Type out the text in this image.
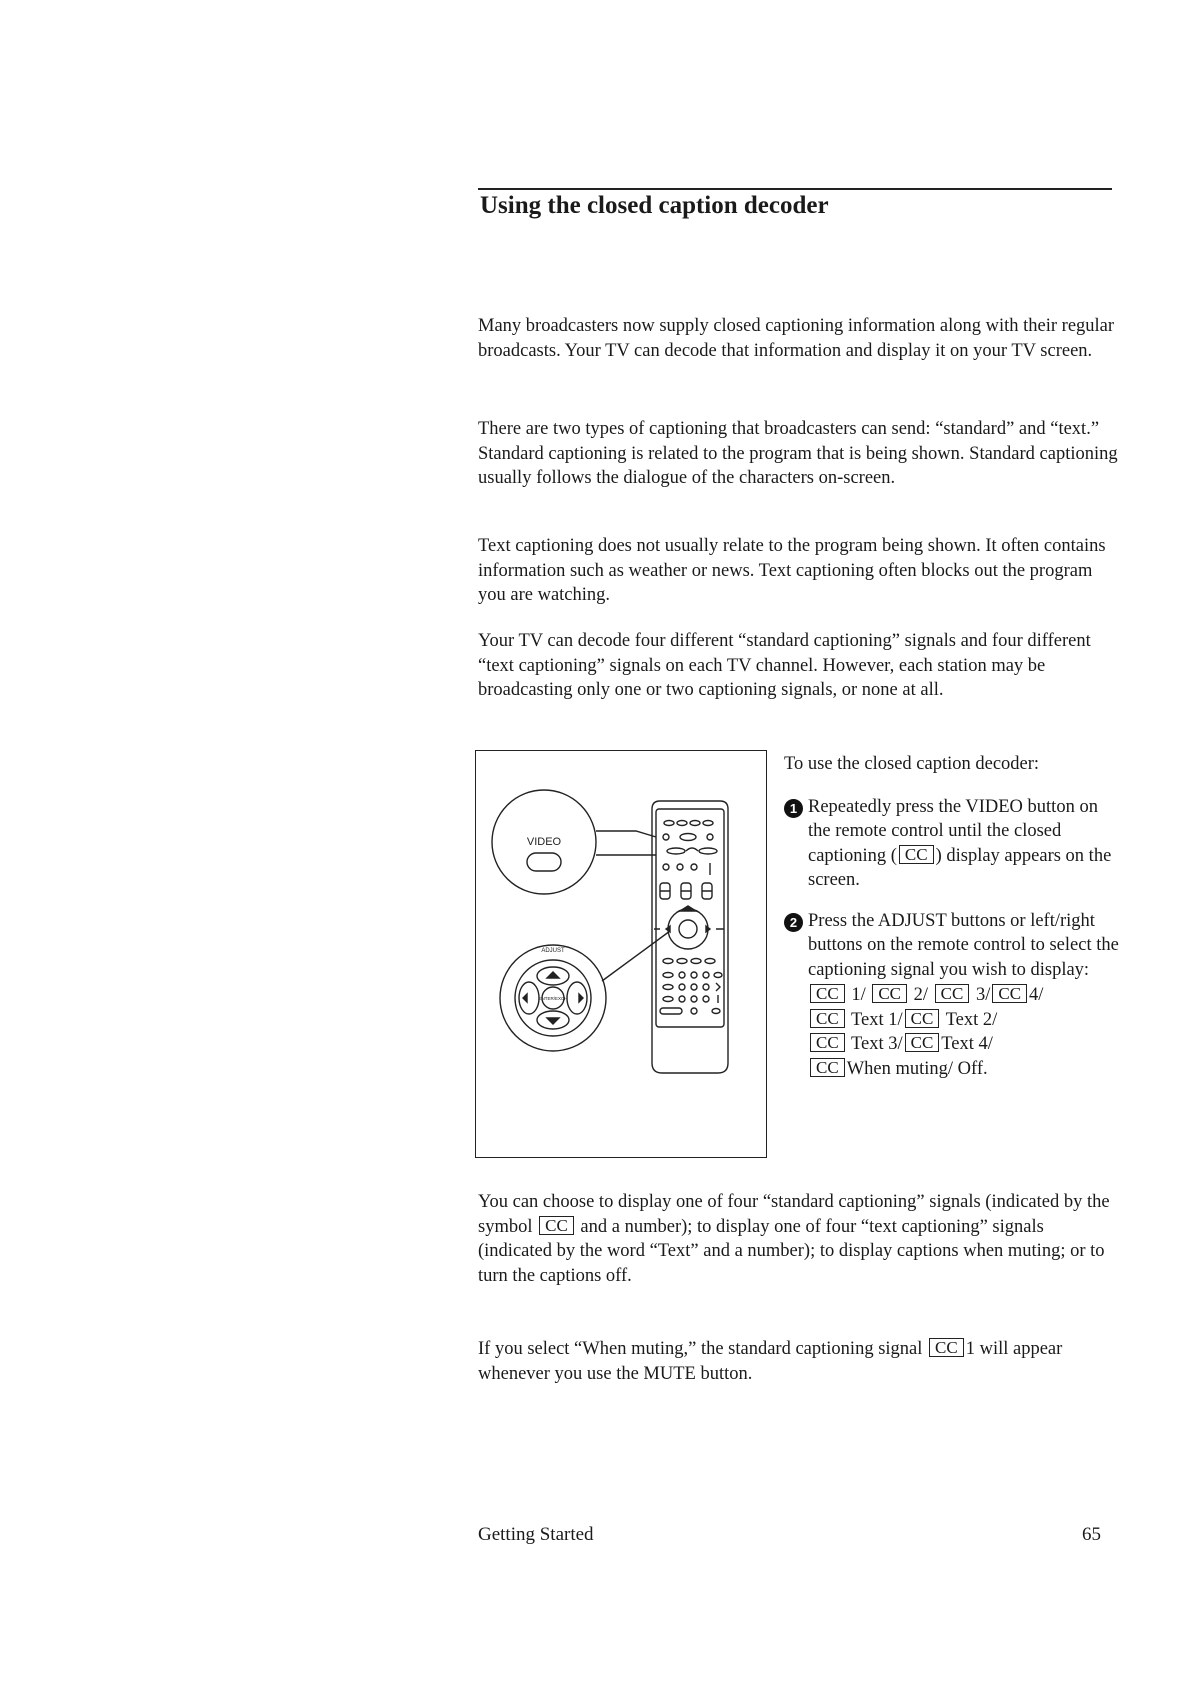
Using the closed caption decoder

Many broadcasters now supply closed captioning information along with their regular broadcasts. Your TV can decode that information and display it on your TV screen.

There are two types of captioning that broadcasters can send: “standard” and “text.” Standard captioning is related to the program that is being shown. Standard captioning usually follows the dialogue of the characters on-screen.

Text captioning does not usually relate to the program being shown. It often contains information such as weather or news. Text captioning often blocks out the program you are watching.

Your TV can decode four different “standard captioning” signals and four different “text captioning” signals on each TV channel. However, each station may be broadcasting only one or two captioning signals, or none at all.

VIDEO
ADJUST
ENTER/EXCH

To use the closed caption decoder:

1 Repeatedly press the VIDEO button on the remote control until the closed captioning ( CC ) display appears on the screen.

2 Press the ADJUST buttons or left/right buttons on the remote control to select the captioning signal you wish to display:

CC 1/ CC 2/ CC 3/ CC 4/
CC Text 1/ CC Text 2/
CC Text 3/ CC Text 4/
CC When muting/ Off.

You can choose to display one of four “standard captioning” signals (indicated by the symbol CC and a number); to display one of four “text captioning” signals (indicated by the word “Text” and a number); to display captions when muting; or to turn the captions off.

If you select “When muting,” the standard captioning signal CC 1 will appear whenever you use the MUTE button.

Getting Started	65
